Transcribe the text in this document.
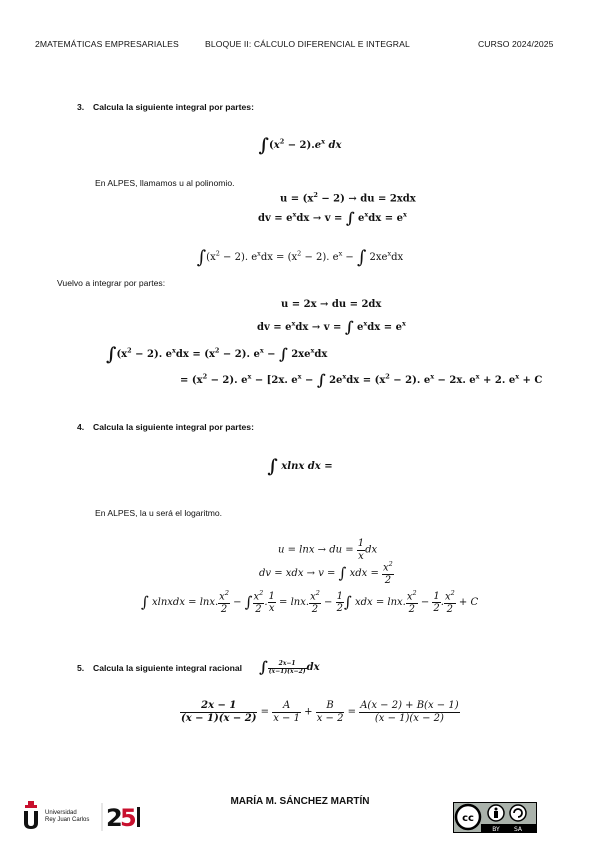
2MATEMÁTICAS EMPRESARIALES	BLOQUE II: CÁLCULO DIFERENCIAL E INTEGRAL	CURSO 2024/2025
3. Calcula la siguiente integral por partes:
$\int(x^2 - 2).e^x$ dx
En ALPES, llamamos u al polinomio.
$u = (x^2 - 2)$ → du = 2xdx
dv = $e^xdx \to v$ = ∫ $e^xdx = e^x$
$\int(x^2 - 2)$. $e^xdx = (x^2 - 2)$. $e^x$ − ∫ $2xe^xdx$
Vuelvo a integrar por partes:
u = 2x → du = 2dx
dv = $e^xdx \to v$ = ∫ $e^xdx = e^x$
$\int(x^2 - 2)$. $e^xdx = (x^2 - 2)$. $e^x$ − ∫ $2xe^xdx$
= $(x^2 - 2)$. $e^x - [2x$. $e^x$ − ∫ $2e^xdx = (x^2 - 2)$. $e^x - 2x$. $e^x + 2$. $e^x + C$
4. Calcula la siguiente integral por partes:
∫ xlnx dx =
En ALPES, la u será el logaritmo.
u = lnx → du = $\frac{1}{x}$ dx
dv = xdx → v = ∫ xdx = $\frac{x^2}{2}$
∫ xlnxdx = lnx. $\frac{x^2}{2}$ − ∫ $\frac{x^2}{2}$ . $\frac{1}{x} = \ln x$. $\frac{x^2}{2} - \frac{1}{2}$ ∫ xdx = lnx. $\frac{x^2}{2} - \frac{1}{2}$ . $\frac{x^2}{2} + C$
5. Calcula la siguiente integral racional ∫ $\frac{2x-1}{(x-1)(x-2)}$ dx
$\frac{2x - 1}{(x - 1)(x - 2)} = \frac{A}{x - 1} + \frac{B}{x - 2} = \frac{A(x - 2) + B(x - 1)}{(x - 1)(x - 2)}$
Universidad
Rey Juan Carlos 2
5
MARÍA M. SÁNCHEZ MARTÍN
cc
BY SA
